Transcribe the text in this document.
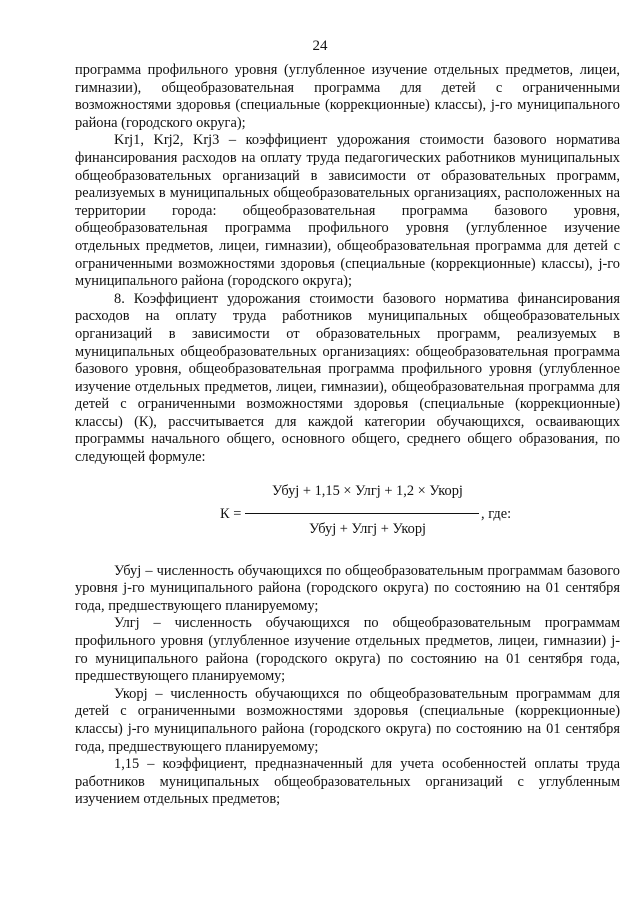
24

программа профильного уровня (углубленное изучение отдельных предметов, лицеи, гимназии), общеобразовательная программа для детей с ограниченными возможностями здоровья (специальные (коррекционные) классы), j-го муниципального района (городского округа);

Krj1, Krj2, Krj3 – коэффициент удорожания стоимости базового норматива финансирования расходов на оплату труда педагогических работников муниципальных общеобразовательных организаций в зависимости от образовательных программ, реализуемых в муниципальных общеобразовательных организациях, расположенных на территории города: общеобразовательная программа базового уровня, общеобразовательная программа профильного уровня (углубленное изучение отдельных предметов, лицеи, гимназии), общеобразовательная программа для детей с ограниченными возможностями здоровья (специальные (коррекционные) классы), j-го муниципального района (городского округа);

8. Коэффициент удорожания стоимости базового норматива финансирования расходов на оплату труда работников муниципальных общеобразовательных организаций в зависимости от образовательных программ, реализуемых в муниципальных общеобразовательных организациях: общеобразовательная программа базового уровня, общеобразовательная программа профильного уровня (углубленное изучение отдельных предметов, лицеи, гимназии), общеобразовательная программа для детей с ограниченными возможностями здоровья (специальные (коррекционные) классы) (К), рассчитывается для каждой категории обучающихся, осваивающих программы начального общего, основного общего, среднего общего образования, по следующей формуле:

К =
Убуj + 1,15 × Улгj + 1,2 × Укорj
Убуj + Улгj + Укорj
, где:

Убуj – численность обучающихся по общеобразовательным программам базового уровня j-го муниципального района (городского округа) по состоянию на 01 сентября года, предшествующего планируемому;

Улгj – численность обучающихся по общеобразовательным программам профильного уровня (углубленное изучение отдельных предметов, лицеи, гимназии) j-го муниципального района (городского округа) по состоянию на 01 сентября года, предшествующего планируемому;

Укорj – численность обучающихся по общеобразовательным программам для детей с ограниченными возможностями здоровья (специальные (коррекционные) классы) j-го муниципального района (городского округа) по состоянию на 01 сентября года, предшествующего планируемому;

1,15 – коэффициент, предназначенный для учета особенностей оплаты труда работников муниципальных общеобразовательных организаций с углубленным изучением отдельных предметов;
